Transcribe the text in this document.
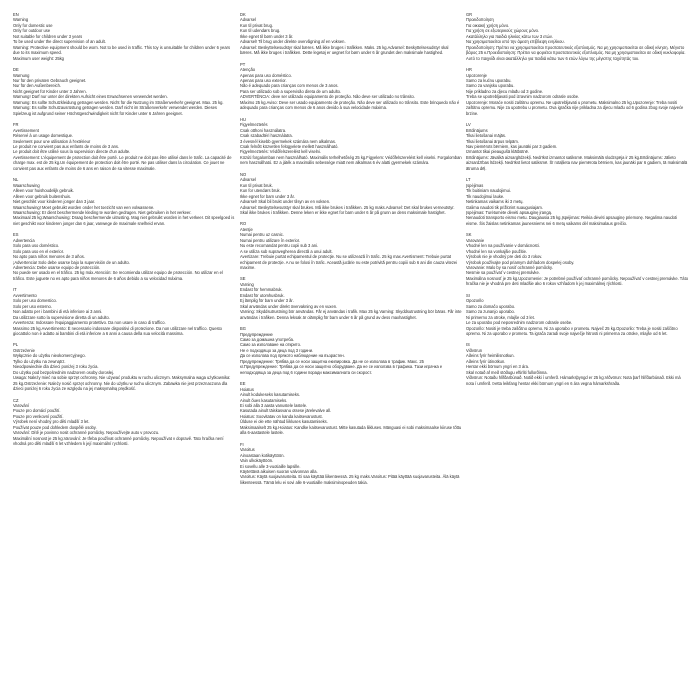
EN
Warning
Only for domestic use
Only for outdoor use
Not suitable for children under 3 years
To be used under the direct supervision of an adult.
Warning: Protective equipment should be worn. Not to be used in traffic. This toy is unsuitable for children under 6 years due to its maximum speed.
Maximum user weight: 25kg
DE
Warnung
Nur für den privaten Gebrauch geeignet.
Nur für den Außenbereich.
Nicht geeignet für Kinder unter 3 Jahren.
Warnung! Darf nur unter der direkten Aufsicht eines Erwachsenen verwendet werden.
Warnung: Es sollte Schutzkleidung getragen werden. Nicht für die Nutzung im Straßenverkehr geeignet. Max. 25 kg. Warnung: Es sollte Schutzausrüstung getragen werden. Darf nicht im Straßenverkehr verwendet werden. Dieses Spielzeug ist aufgrund seiner Höchstgeschwindigkeit nicht für Kinder unter 6 Jahren geeignet.
FR
Avertissement
Réservé à un usage domestique.
Seulement pour une utilisation à l'extérieur
Le produit ne convient pas aux enfants de moins de 3 ans.
Le produit doit être utilisé sous la supervision directe d'un adulte.
Avertissement: L'équipement de protection doit être porté. Le produit ne doit pas être utilisé dans le trafic. La capacité de charge max. est de 25 kg.Un équipement de protection doit être porté. Ne pas utiliser dans la circulation. Ce jouet ne convient pas aux enfants de moins de 6 ans en raison de sa vitesse maximale.
NL
Waarschuwing
Alleen voor huishoudelijk gebruik.
Alleen voor gebruik buitenshuis.
Niet geschikt voor kinderen jonger dan 3 jaar.
Waarschuwing! Moet gebruikt worden onder het toezicht van een volwassene.
Waarschuwing: Er dient beschermende kleding te worden gedragen. Niet gebruiken in het verkeer.
Maximaal 25 kg.Waarschuwing: Draag beschermende uitrusting. Mag niet gebruikt worden in het verkeer. Dit speelgoed is niet geschikt voor kinderen jonger dan 6 jaar, vanwege de maximale snelheid ervan.
ES
Advertencia
Solo para uso doméstico.
Solo para uso en el exterior.
No apto para niños menores de 3 años.
¡Advertencia! Solo debe usarse bajo la supervisión de un adulto.
Advertencia: Debe usarse equipo de protección.
No puede ser usado en el tráfico. 25 kg máx.Atención: Se recomienda utilizar equipo de protección. No utilizar en el tráfico. Este juguete no es apto para niños menores de 6 años debido a su velocidad máxima.
IT
Avvertimento
Solo per uso domestico.
Solo per uso esterno.
Non adatto per i bambini di età inferiore ai 3 anni.
Da utilizzare sotto la supervisione diretta di un adulto.
Avvertenza: Indossare l'equipaggiamento protettivo. Da non usare in caso di traffico.
Massimo 25 kg.Avvertimento: È necessario indossare dispositivi di protezione. Da non utilizzare nel traffico. Questo giocattolo non è adatto ai bambini di età inferiore a 6 anni a causa della sua velocità massima.
PL
Ostrzeżenie
Wyłącznie do użytku nieokomercyjnego.
Tylko do użytku na zewnątrz.
Nieodpowiednie dla dzieci poniżej 3 roku życia.
Do użytku pod bezpośrednim nadzorem osoby dorosłej.
Uwaga: Należy mieć na sobie sprzęt ochronny. Nie używać produktu w ruchu ulicznym. Maksymalna waga użytkownika: 25 kg.Ostrzeżenie: Należy nosić sprzęt ochronny. Nie do użytku w ruchu ulicznym. Zabawka nie jest przeznaczona dla dzieci poniżej 6 roku życia ze względu na jej maksymalną prędkość.
CZ
Varování
Pouze pro domácí použití.
Pouze pro venkovní použití.
Výrobek není vhodný pro děti mladší 3 let.
Používat pouze pod dohledem dospělé osoby.
Varování: Dítě je povinno nosit ochranné pomůcky. Nepoužívejte auto v provozu.
Maximální nosnost je 25 kg.Varování: Je třeba používat ochranné pomůcky. Nepoužívat v dopravě. Tato hračka není vhodná pro děti mladší 6 let vzhledem k její maximální rychlosti.
DK
Advarsel
Kun til privat brug.
Kun til udendørs brug.
Ikke egnet til børn under 3 år.
Advarsel! Til brug under direkte overvågning af en voksen.
Advarsel: Beskyttelsesudstyr skal bæres. Må ikke bruges i trafikken. Maks. 25 kg.Advarsel: Beskyttelsesudstyr skal bæres. Må ikke bruges i trafikken. Dette legetøj er uegnet for børn under 6 år grundet den maksimale hastighed.
PT
Atenção
Apenas para uso doméstico.
Apenas para uso exterior.
Não é adequado para crianças com menos de 3 anos.
Para ser utilizado sob a supervisão direta de um adulto.
ADVERTÊNCIA: deve ser utilizado equipamento de proteção. Não deve ser utilizado no trânsito.
Máximo 25 kg.Aviso: Deve ser usado equipamento de proteção. Não deve ser utilizado no trânsito. Este brinquedo não é adequado para crianças com menos de 6 anos devido à sua velocidade máxima.
HU
Figyelmeztetés
Csak otthoni használatra.
Csak szabadtéri használatra.
3 évesnél kisebb gyermekek számára nem alkalmas.
Csak felnőtt közvetlen felügyelete mellett használható.
Figyelmeztetés: Védőfelszerelést kell viselni.
Közúti forgalomban nem használható. Maximális terhelhetőség 25 kg.Figyelem: Védőfelszerelést kell viselni. Forgalomban nem használható. Ez a játék a maximális sebessége miatt nem alkalmas 6 év alatti gyermekek számára.
NO
Advarsel
Kun til privat bruk.
Kun for utendørs bruk.
Ikke egnet for barn under 3 år.
Advarsel! Skal bli brukt under tilsyn av en voksen.
Advarsel: Beskyttelsesutstyr skal brukes. Må ikke brukes i trafikken. 25 kg maks.Advarsel: Det skal brukes verneutstyr. Skal ikke brukes i trafikken. Denne leken er ikke egnet for barn under 6 år på grunn av dens maksimale hastighet.
RO
Atenţie
Numai pentru uz casnic.
Numai pentru utilizare în exterior.
Nu este recomandat pentru copii sub 3 ani.
A se utiliza sub supravegherea directă a unui adult.
Avertizare: Trebuie purtat echipamentul de protecţie. Nu se utilizează în trafic. 25 kg max.Avertisment: Trebuie purtat echipament de protecție. A nu se folosi în trafic. Această jucărie nu este potrivită pentru copiii sub 6 ani din cauza vitezei maxime.
SE
Varning
Endast för hemmabruk.
Endast för utomhusbruk.
Ej lämplig för barn under 3 år.
Skal användas under direkt övervakning av en vuxen.
Varning: Skyddsutrustning bör användas. Får ej användas i trafik. Max 25 kg.Varning: Skyddsutrustning bör bäras. Får inte användas i trafiken. Denna leksak är olämplig för barn under 6 år på grund av dess maxhastighet.
BG
Предупреждение
Само за домашна употреба.
Само за използване на открито.
Не е подходящо за деца под 3 години.
Да се използва под прякото наблюдение на възрастен.
Предупреждение: Трябва да се носи защитна екипировка. Да не се използва в трафик. Макс. 25 кг.Предупреждение: Трябва да се носи защитно оборудване. Да не се използва в трафика. Тази играчка е неподходяща за деца под 6 години поради максималната си скорост.
EE
Hoiatus
Ainult kodukeseks kasutamiseks.
Ainult õues kasutamiseks.
Ei sobi alla 3 aasta vanustele lastele.
Kasutada ainult täiskasvanu otsese järelevalve all.
Hoiatus: Soovitatav on kanda kaitsevarustust.
Ülduse ei ole ette nähtud liikluses kasutamiseks.
Maksimaalselt 25 kg.Hoiatus: Kandke kaitsevarustust. Mitte kasutada liikluses. Mänguasi ei sobi maksimaalse kiiruse tõttu alla 6-aastastele lastele.
FI
Varoitus
Ainoastaan kotikäyttöön.
Vain ulkokäyttöön.
Ei sovellu alle 3-vuotiaille lapsille.
Käytettävä aikuisen suoran valvonnan alla.
Varoitus: Käytä suojavarusteita. Ei saa käyttää liikenteessä. 25 kg maks.Varoitus: Pitää käyttää suojavarusteita. Älä käytä liikenteessä. Tämä lelu ei sovi alle 6-vuotiaille maksiminopeuden takia.
GR
Προειδοποίηση
Για οικιακή χρήση μόνο.
Για χρήση σε εξωτερικούς χώρους μόνο.
Ακατάλληλο για παιδιά ηλικίας κάτω των 3 ετών.
Να χρησιμοποιείται υπό την άμεση επίβλεψη ενηλίκου.
Προειδοποίηση: Πρέπει να χρησιμοποιείται προστατευτικός εξοπλισμός. Να μη χρησιμοποιείται σε οδική κίνηση. Μέγιστο βάρος 25 κ.Προειδοποίηση: Πρέπει να φοριέται προστατευτικός εξοπλισμός. Να μη χρησιμοποιείται σε οδική κυκλοφορία. Αυτό το παιχνίδι είναι ακατάλληλο για παιδιά κάτω των 6 ετών λόγω της μέγιστης ταχύτητάς του.
HR
Upozorenje
Samo za kućnu uporabu.
Samo za vanjsku uporabu.
Nije prikladno za djecu mlađu od 3 godine.
Treba se upotrebljavati pod izravnim nadzorom odrasle osobe.
Upozorenje: Moraće nositi zaštitnu opremu. Ne upotrebljavati u prometu. Maksimalno 25 kg.Upozorenje: Treba nositi zaštitnu opremu. Nije za upotrebu u prometu. Ova igračka nije prikladna za djecu mlađu od 6 godina zbog svoje najveće brzine.
LV
Brīdinājums
Tikai lietošanai mājās.
Tikai lietošanai ārpus telpām.
Nav piemērots bērniem, kas jaunāki par 3 gadiem.
Izmantot tikai pieaugušā klātbūtnē.
Brīdinājums: Jāvalkā aizsarglīdzekļi. Nedrīkst izmantot satiksmē. Maksimālā slodzspēja ir 25 kg.Brīdinājums: Jālieto aizsardzības līdzekļi. Nedrīkst lietot satiksmē. Šī rotaļlieta nav piemērota bērniem, kas jaunāki par 6 gadiem, tā maksimālā ātruma dēļ.
LT
Įspėjimas
Tik buitiniam naudojimui.
Tik naudojimui lauke.
Netinkamas vaikams iki 3 metų.
Galima naudoti tik prižiūrint suaugusiajam.
Įspėjimas: Turėtumėte dėvėti apsauginę įrangą.
Nenaudoti transporto eismo metu. Daugiausia 25 kg.Įspėjimas: Reikia dėvėti apsauginę priemonę. Negalima naudoti eisme. Šis žaislas netinkamas jaunesniems nei 6 metų vaikams dėl maksimalaus greičio.
SK
Varovanie
Vhodné len na používanie v domácnosti.
Vhodné len na vonkajšie použitie.
Výrobok nie je vhodný pre deti do 3 rokov.
Výrobok používajte pod priamym dohľadom dospelej osoby.
Varovanie: Malo by sa nosiť ochranné pomôcky.
Nesmie sa používať v cestnej premávke.
Maximálna nosnosť je 25 kg.Upozornenie: Je potrebné používať ochranné pomôcky. Nepoužívať v cestnej premávke. Táto hračka nie je vhodná pre deti mladšie ako 6 rokov vzhľadom k jej maximálnej rýchlosti.
SI
Opozorilo
Samo za domačo uporabo.
Samo za zunanjo uporabo.
Ni primerno za otroke, mlajše od 3 let.
Le za uporabo pod neposrednim nadzorom odrasle osebe.
Opozorilo: Nositi je treba zaščitno opremo. Ni za uporabo v prometu. Največ 25 kg.Opozorilo: Treba je nositi zaščitno opremo. Ni za uporabo v prometu. Ta igrača zaradi svoje največje hitrosti ni primerna za otroke, mlajše od 6 let.
IS
Viðvörun
Aðeins fyrir heimilisnotkun.
Aðeins fyrir útinotkun.
Hentar ekki börnum yngri en 3 ára.
Skal notað af með stöðugu eftirliti fullorðinna.
Viðvörun: Notaðu hlífðarbúnað. Notið ekki í umferð. Hámarksþyngd er 25 kg.Viðvörun: Nota þarf hlífðarbúnað. Ekki má nota í umferð. Þetta leikfang hentar ekki börnum yngri en 6 ára vegna hámarkshraða.
